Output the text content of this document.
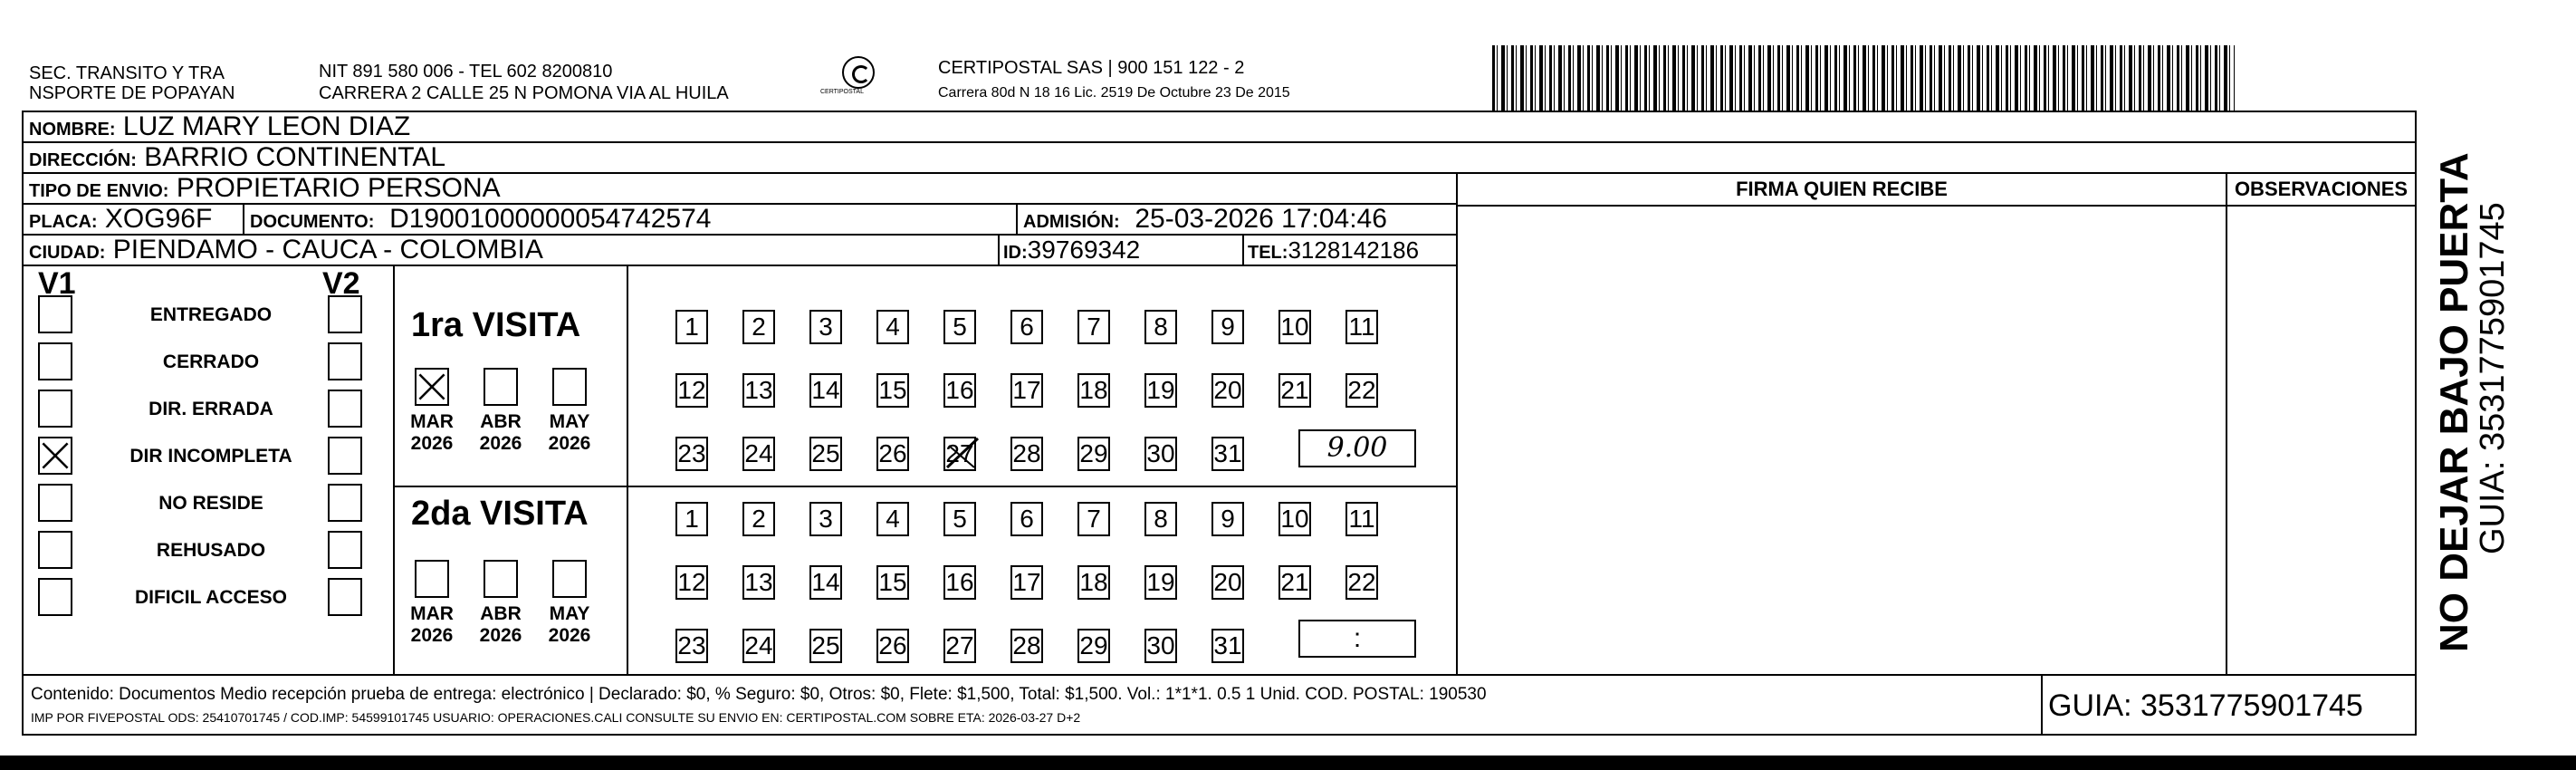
SEC. TRANSITO Y TRA
NSPORTE DE POPAYAN
NIT 891 580 006 - TEL 602 8200810
CARRERA 2 CALLE 25 N POMONA VIA AL HUILA	CERTIPOSTAL
CERTIPOSTAL SAS | 900 151 122 - 2
Carrera 80d N 18 16 Lic. 2519 De Octubre 23 De 2015
NOMBRE: LUZ MARY LEON DIAZ
DIRECCIÓN: BARRIO CONTINENTAL
TIPO DE ENVIO: PROPIETARIO PERSONA
PLACA: XOG96F	DOCUMENTO: D19001000000054742574	ADMISIÓN: 25-03-2026 17:04:46
CIUDAD: PIENDAMO - CAUCA - COLOMBIA	ID:39769342	TEL:3128142186
FIRMA QUIEN RECIBE	OBSERVACIONES
V1	V2
ENTREGADO
CERRADO
DIR. ERRADA
DIR INCOMPLETA
NO RESIDE
REHUSADO
DIFICIL ACCESO
1ra VISITA
2da VISITA
MAR
2026
ABR
2026
MAY
2026
MAR
2026
ABR
2026
MAY
2026
1	2	3	4	5	6	7	8	9	10 11
12 13 14 15 16 17 18 19 20 21 22
23 24 25 26 27 28 29 30 31
1	2	3	4	5	6	7	8	9	10 11
12 13 14 15 16 17 18 19 20 21 22
23 24 25 26 27 28 29 30 31
9.00
:
Contenido: Documentos Medio recepción prueba de entrega: electrónico | Declarado: $0, % Seguro: $0, Otros: $0, Flete: $1,500, Total: $1,500. Vol.: 1*1*1. 0.5 1 Unid. COD. POSTAL: 190530
IMP POR FIVEPOSTAL ODS: 25410701745 / COD.IMP: 54599101745 USUARIO: OPERACIONES.CALI CONSULTE SU ENVIO EN: CERTIPOSTAL.COM SOBRE ETA: 2026-03-27 D+2	GUIA: 3531775901745
NO DEJAR BAJO PUERTA
GUIA: 3531775901745
